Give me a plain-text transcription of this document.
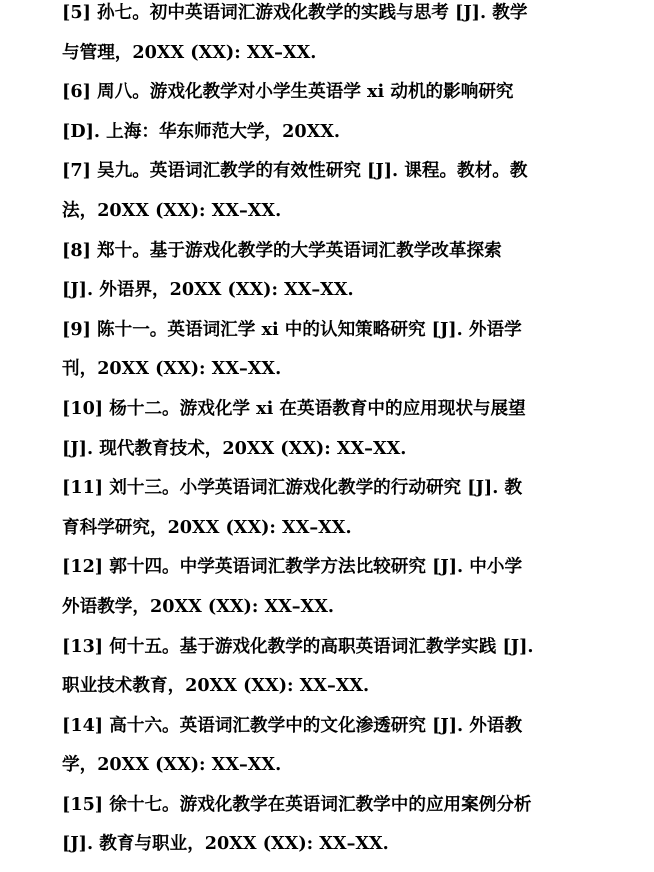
[5] 孙七。初中英语词汇游戏化教学的实践与思考 [J]. 教学
与管理，20XX (XX): XX–XX.
[6] 周八。游戏化教学对小学生英语学 xi 动机的影响研究
[D]. 上海：华东师范大学，20XX.
[7] 吴九。英语词汇教学的有效性研究 [J]. 课程。教材。教
法，20XX (XX): XX–XX.
[8] 郑十。基于游戏化教学的大学英语词汇教学改革探索
[J]. 外语界，20XX (XX): XX–XX.
[9] 陈十一。英语词汇学 xi 中的认知策略研究 [J]. 外语学
刊，20XX (XX): XX–XX.
[10] 杨十二。游戏化学 xi 在英语教育中的应用现状与展望
[J]. 现代教育技术，20XX (XX): XX–XX.
[11] 刘十三。小学英语词汇游戏化教学的行动研究 [J]. 教
育科学研究，20XX (XX): XX–XX.
[12] 郭十四。中学英语词汇教学方法比较研究 [J]. 中小学
外语教学，20XX (XX): XX–XX.
[13] 何十五。基于游戏化教学的高职英语词汇教学实践 [J].
职业技术教育，20XX (XX): XX–XX.
[14] 高十六。英语词汇教学中的文化渗透研究 [J]. 外语教
学，20XX (XX): XX–XX.
[15] 徐十七。游戏化教学在英语词汇教学中的应用案例分析
[J]. 教育与职业，20XX (XX): XX–XX.
